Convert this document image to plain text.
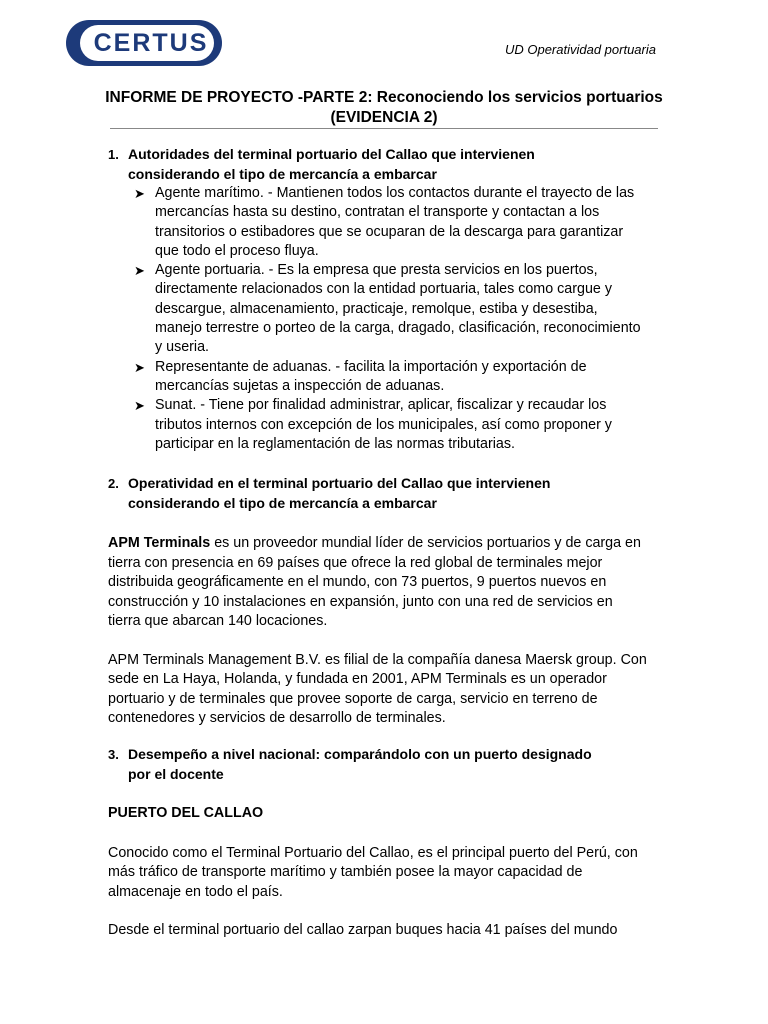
CERTUS	UD Operatividad portuaria
INFORME DE PROYECTO -PARTE 2: Reconociendo los servicios portuarios
(EVIDENCIA 2)
1. Autoridades del terminal portuario del Callao que intervienen
considerando el tipo de mercancía a embarcar
➤ Agente marítimo. - Mantienen todos los contactos durante el trayecto de las mercancías hasta su destino, contratan el transporte y contactan a los transitorios o estibadores que se ocuparan de la descarga para garantizar que todo el proceso fluya.
➤ Agente portuaria. - Es la empresa que presta servicios en los puertos, directamente relacionados con la entidad portuaria, tales como cargue y descargue, almacenamiento, practicaje, remolque, estiba y desestiba, manejo terrestre o porteo de la carga, dragado, clasificación, reconocimiento y useria.
➤ Representante de aduanas. - facilita la importación y exportación de mercancías sujetas a inspección de aduanas.
➤ Sunat. - Tiene por finalidad administrar, aplicar, fiscalizar y recaudar los tributos internos con excepción de los municipales, así como proponer y participar en la reglamentación de las normas tributarias.
2. Operatividad en el terminal portuario del Callao que intervienen
considerando el tipo de mercancía a embarcar

APM Terminals es un proveedor mundial líder de servicios portuarios y de carga en tierra con presencia en 69 países que ofrece la red global de terminales mejor distribuida geográficamente en el mundo, con 73 puertos, 9 puertos nuevos en construcción y 10 instalaciones en expansión, junto con una red de servicios en tierra que abarcan 140 locaciones.

APM Terminals Management B.V. es filial de la compañía danesa Maersk group. Con sede en La Haya, Holanda, y fundada en 2001, APM Terminals es un operador portuario y de terminales que provee soporte de carga, servicio en terreno de contenedores y servicios de desarrollo de terminales.

3. Desempeño a nivel nacional: comparándolo con un puerto designado
por el docente

PUERTO DEL CALLAO

Conocido como el Terminal Portuario del Callao, es el principal puerto del Perú, con más tráfico de transporte marítimo y también posee la mayor capacidad de almacenaje en todo el país.

Desde el terminal portuario del callao zarpan buques hacia 41 países del mundo
